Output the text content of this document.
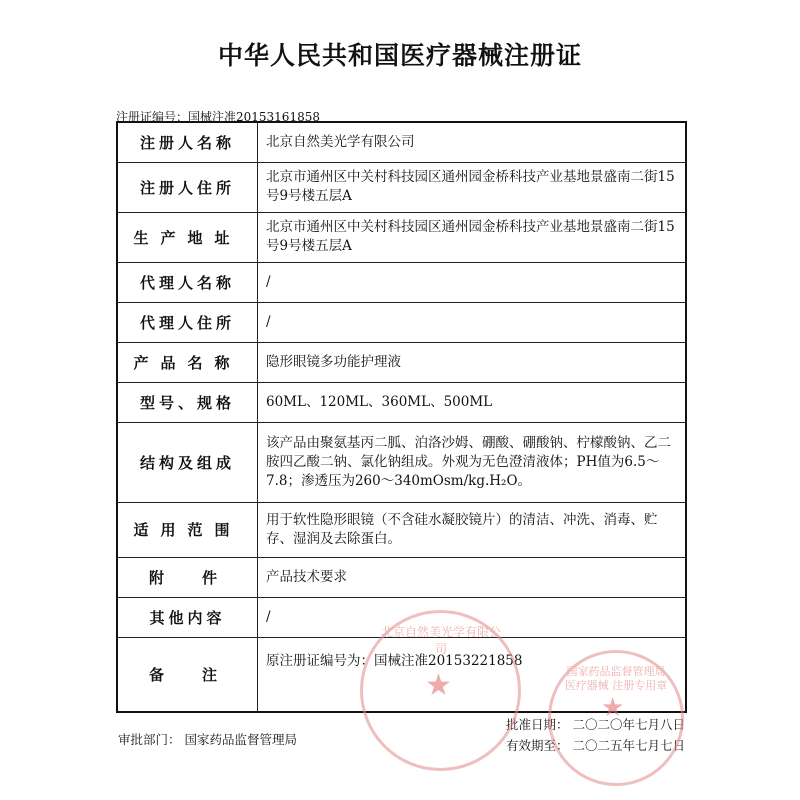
中华人民共和国医疗器械注册证
注册证编号：国械注准20153161858
注册人名称	北京自然美光学有限公司
注册人住所	北京市通州区中关村科技园区通州园金桥科技产业基地景盛南二街15号9号楼五层A
生产地址	北京市通州区中关村科技园区通州园金桥科技产业基地景盛南二街15号9号楼五层A
代理人名称	/
代理人住所	/
产品名称	隐形眼镜多功能护理液
型号、规格	60ML、120ML、360ML、500ML
结构及组成	该产品由聚氨基丙二胍、泊洛沙姆、硼酸、硼酸钠、柠檬酸钠、乙二胺四乙酸二钠、氯化钠组成。外观为无色澄清液体；PH值为6.5～7.8；渗透压为260～340mOsm/kg.H₂O。
适用范围	用于软性隐形眼镜（不含硅水凝胶镜片）的清洁、冲洗、消毒、贮存、湿润及去除蛋白。
附件	产品技术要求
其他内容	/
备注	原注册证编号为：国械注准20153221858
审批部门： 国家药品监督管理局
批准日期： 二〇二〇年七月八日
有效期至： 二〇二五年七月七日
★
北京自然美光学有限公司
★
国家药品监督管理局 医疗器械 注册专用章
